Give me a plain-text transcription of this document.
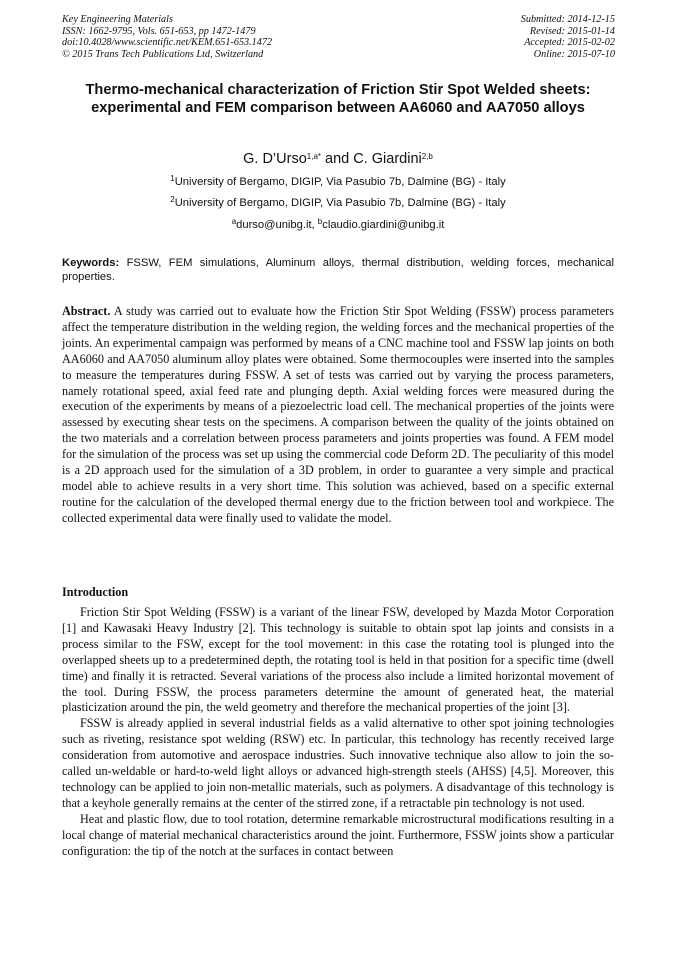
Key Engineering Materials
ISSN: 1662-9795, Vols. 651-653, pp 1472-1479
doi:10.4028/www.scientific.net/KEM.651-653.1472
© 2015 Trans Tech Publications Ltd, Switzerland
Submitted: 2014-12-15
Revised: 2015-01-14
Accepted: 2015-02-02
Online: 2015-07-10
Thermo-mechanical characterization of Friction Stir Spot Welded sheets: experimental and FEM comparison between AA6060 and AA7050 alloys
G. D’Urso$^{1,a*}$ and C. Giardini$^{2,b}$
$^1$University of Bergamo, DIGIP, Via Pasubio 7b, Dalmine (BG) - Italy
$^2$University of Bergamo, DIGIP, Via Pasubio 7b, Dalmine (BG) - Italy
$^a$durso@unibg.it, $^b$claudio.giardini@unibg.it
Keywords: FSSW, FEM simulations, Aluminum alloys, thermal distribution, welding forces, mechanical properties.

Abstract. A study was carried out to evaluate how the Friction Stir Spot Welding (FSSW) process parameters affect the temperature distribution in the welding region, the welding forces and the mechanical properties of the joints. An experimental campaign was performed by means of a CNC machine tool and FSSW lap joints on both AA6060 and AA7050 aluminum alloy plates were obtained. Some thermocouples were inserted into the samples to measure the temperatures during FSSW. A set of tests was carried out by varying the process parameters, namely rotational speed, axial feed rate and plunging depth. Axial welding forces were measured during the execution of the experiments by means of a piezoelectric load cell. The mechanical properties of the joints were assessed by executing shear tests on the specimens. A comparison between the quality of the joints obtained on the two materials and a correlation between process parameters and joints properties was found. A FEM model for the simulation of the process was set up using the commercial code Deform 2D. The peculiarity of this model is a 2D approach used for the simulation of a 3D problem, in order to guarantee a very simple and practical model able to achieve results in a very short time. This solution was achieved, based on a specific external routine for the calculation of the developed thermal energy due to the friction between tool and workpiece. The collected experimental data were finally used to validate the model.

Introduction

Friction Stir Spot Welding (FSSW) is a variant of the linear FSW, developed by Mazda Motor Corporation [1] and Kawasaki Heavy Industry [2]. This technology is suitable to obtain spot lap joints and consists in a process similar to the FSW, except for the tool movement: in this case the rotating tool is plunged into the overlapped sheets up to a predetermined depth, the rotating tool is held in that position for a specific time (dwell time) and finally it is retracted. Several variations of the process also include a limited horizontal movement of the tool. During FSSW, the process parameters determine the amount of generated heat, the material plasticization around the pin, the weld geometry and therefore the mechanical properties of the joint [3].

FSSW is already applied in several industrial fields as a valid alternative to other spot joining technologies such as riveting, resistance spot welding (RSW) etc. In particular, this technology has recently received large consideration from automotive and aerospace industries. Such innovative technique also allow to join the so-called un-weldable or hard-to-weld light alloys or advanced high-strength steels (AHSS) [4,5]. Moreover, this technology can be applied to join non-metallic materials, such as polymers. A disadvantage of this technology is that a keyhole generally remains at the center of the stirred zone, if a retractable pin technology is not used.

Heat and plastic flow, due to tool rotation, determine remarkable microstructural modifications resulting in a local change of material mechanical characteristics around the joint. Furthermore, FSSW joints show a particular configuration: the tip of the notch at the surfaces in contact between
